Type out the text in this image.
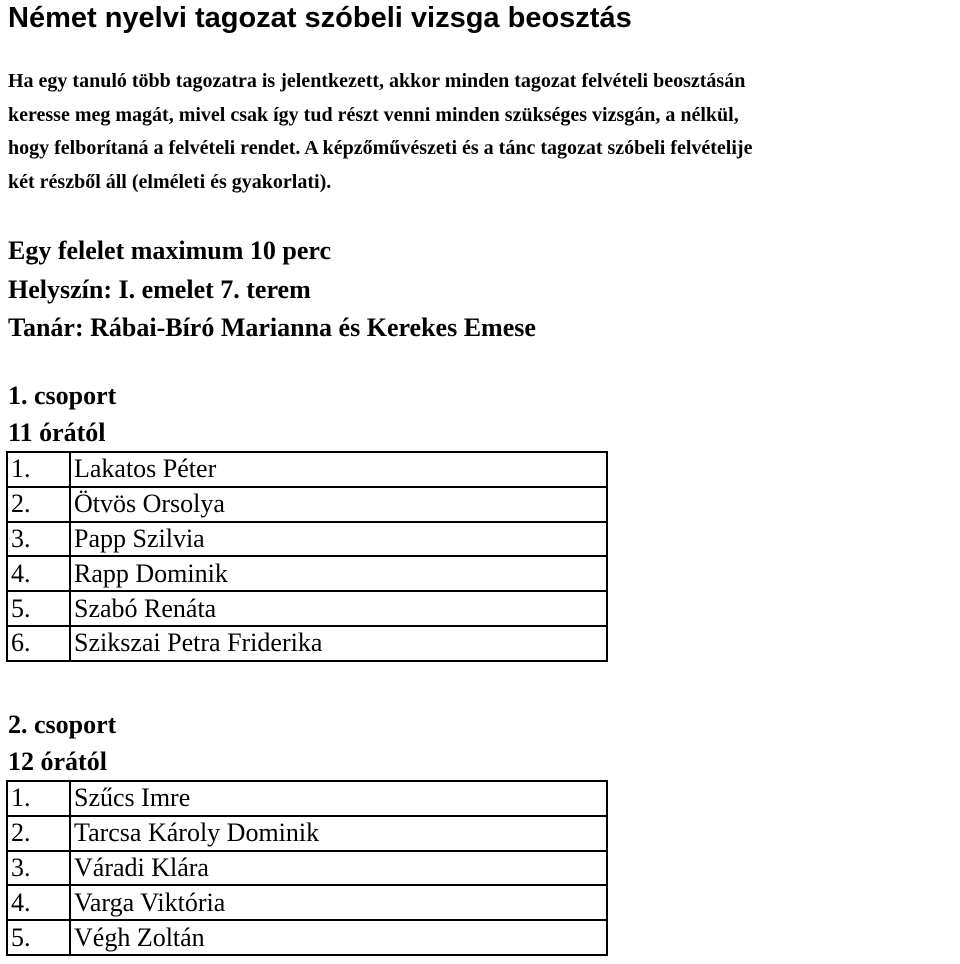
Német nyelvi tagozat szóbeli vizsga beosztás
Ha egy tanuló több tagozatra is jelentkezett, akkor minden tagozat felvételi beosztásán
keresse meg magát, mivel csak így tud részt venni minden szükséges vizsgán, a nélkül,
hogy felborítaná a felvételi rendet. A képzőművészeti és a tánc tagozat szóbeli felvételije
két részből áll (elméleti és gyakorlati).
Egy felelet maximum 10 perc
Helyszín: I. emelet 7. terem
Tanár: Rábai-Bíró Marianna és Kerekes Emese
1. csoport
11 órától
1.	Lakatos Péter
2.	Ötvös Orsolya
3.	Papp Szilvia
4.	Rapp Dominik
5.	Szabó Renáta
6.	Szikszai Petra Friderika
2. csoport
12 órától
1.	Szűcs Imre
2.	Tarcsa Károly Dominik
3.	Váradi Klára
4.	Varga Viktória
5.	Végh Zoltán
